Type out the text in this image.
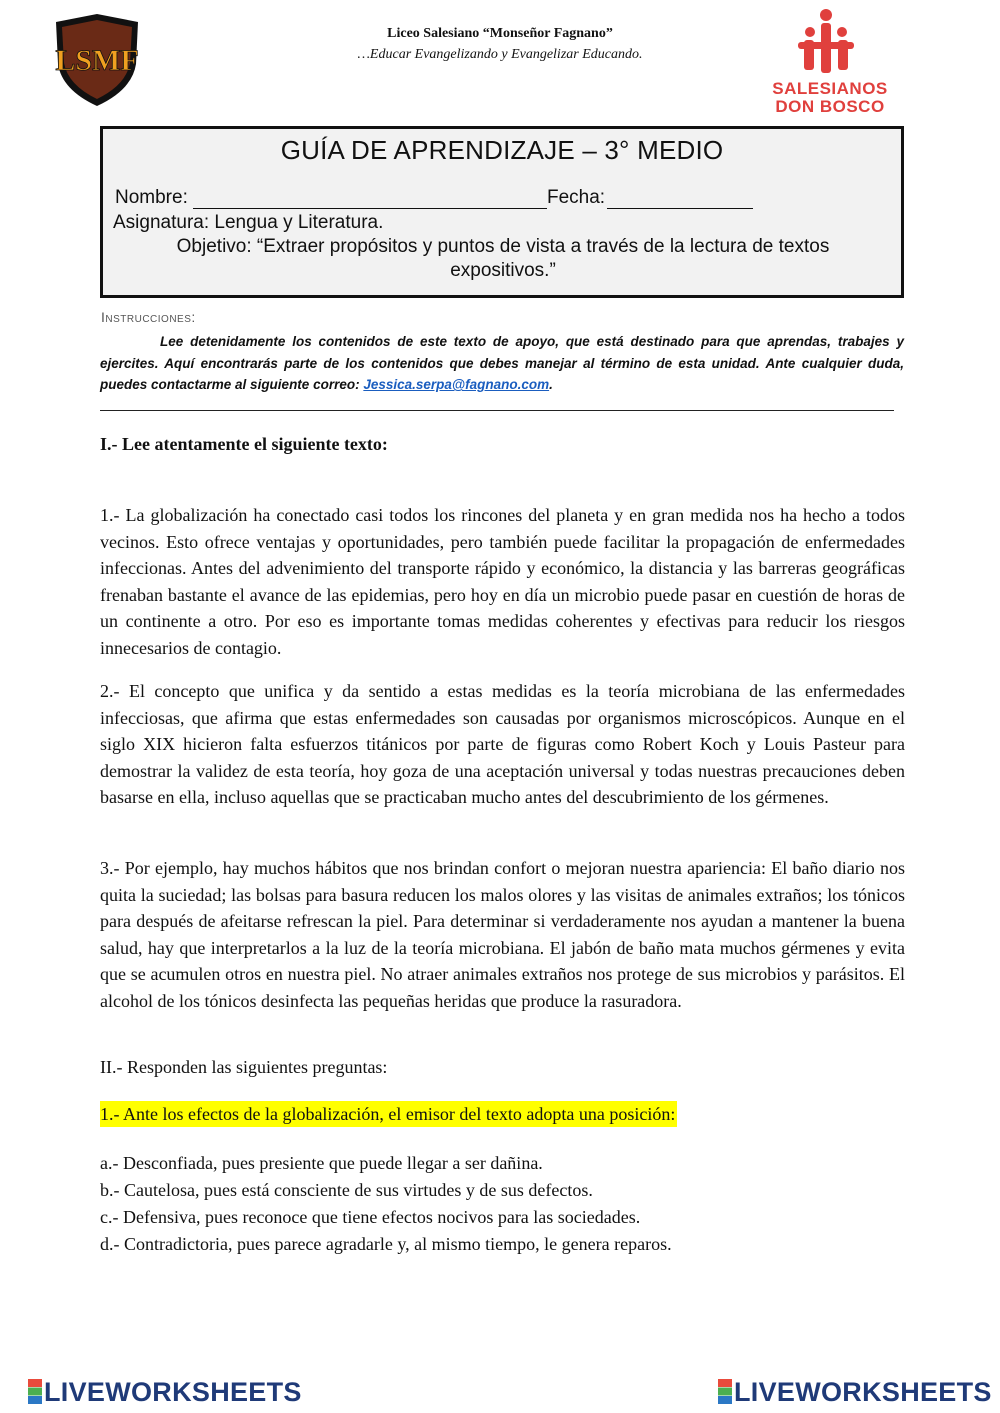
LSMF
Liceo Salesiano “Monseñor Fagnano”
…Educar Evangelizando y Evangelizar Educando.
SALESIANOS
DON BOSCO
GUÍA DE APRENDIZAJE – 3° MEDIO
Nombre:	Fecha:
Asignatura: Lengua y Literatura.
Objetivo: “Extraer propósitos y puntos de vista a través de la lectura de textos expositivos.”
Instrucciones:
Lee detenidamente los contenidos de este texto de apoyo, que está destinado para que aprendas, trabajes y ejercites. Aquí encontrarás parte de los contenidos que debes manejar al término de esta unidad. Ante cualquier duda, puedes contactarme al siguiente correo: Jessica.serpa@fagnano.com.
I.- Lee atentamente el siguiente texto:
1.- La globalización ha conectado casi todos los rincones del planeta y en gran medida nos ha hecho a todos vecinos. Esto ofrece ventajas y oportunidades, pero también puede facilitar la propagación de enfermedades infeccionas. Antes del advenimiento del transporte rápido y económico, la distancia y las barreras geográficas frenaban bastante el avance de las epidemias, pero hoy en día un microbio puede pasar en cuestión de horas de un continente a otro. Por eso es importante tomas medidas coherentes y efectivas para reducir los riesgos innecesarios de contagio.
2.- El concepto que unifica y da sentido a estas medidas es la teoría microbiana de las enfermedades infecciosas, que afirma que estas enfermedades son causadas por organismos microscópicos. Aunque en el siglo XIX hicieron falta esfuerzos titánicos por parte de figuras como Robert Koch y Louis Pasteur para demostrar la validez de esta teoría, hoy goza de una aceptación universal y todas nuestras precauciones deben basarse en ella, incluso aquellas que se practicaban mucho antes del descubrimiento de los gérmenes.
3.- Por ejemplo, hay muchos hábitos que nos brindan confort o mejoran nuestra apariencia: El baño diario nos quita la suciedad; las bolsas para basura reducen los malos olores y las visitas de animales extraños; los tónicos para después de afeitarse refrescan la piel. Para determinar si verdaderamente nos ayudan a mantener la buena salud, hay que interpretarlos a la luz de la teoría microbiana. El jabón de baño mata muchos gérmenes y evita que se acumulen otros en nuestra piel. No atraer animales extraños nos protege de sus microbios y parásitos. El alcohol de los tónicos desinfecta las pequeñas heridas que produce la rasuradora.
II.- Responden las siguientes preguntas:
1.- Ante los efectos de la globalización, el emisor del texto adopta una posición:
a.- Desconfiada, pues presiente que puede llegar a ser dañina.
b.- Cautelosa, pues está consciente de sus virtudes y de sus defectos.
c.- Defensiva, pues reconoce que tiene efectos nocivos para las sociedades.
d.- Contradictoria, pues parece agradarle y, al mismo tiempo, le genera reparos.
LIVEWORKSHEETS	LIVEWORKSHEETS
